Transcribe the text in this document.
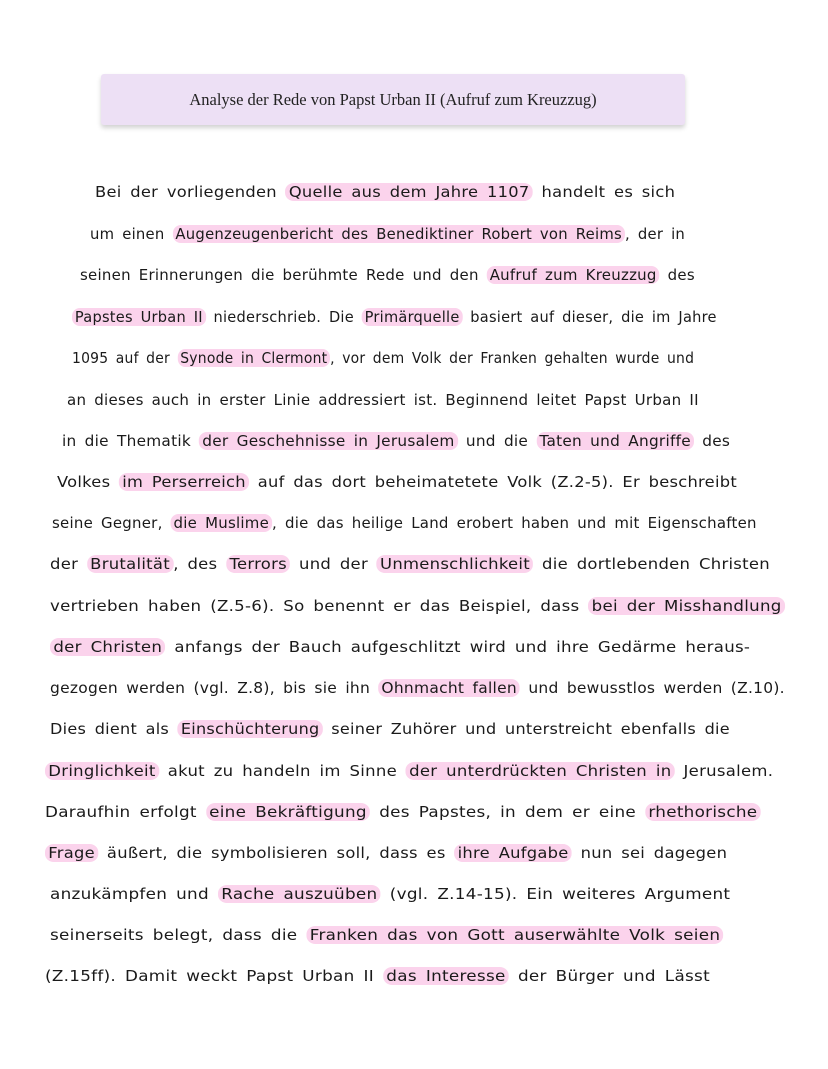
Analyse der Rede von Papst Urban II (Aufruf zum Kreuzzug)
Bei der vorliegenden Quelle aus dem Jahre 1107 handelt es sich
um einen Augenzeugenbericht des Benediktiner Robert von Reims , der in
seinen Erinnerungen die berühmte Rede und den Aufruf zum Kreuzzug des
Papstes Urban II niederschrieb. Die Primärquelle basiert auf dieser, die im Jahre
1095 auf der Synode in Clermont , vor dem Volk der Franken gehalten wurde und
an dieses auch in erster Linie addressiert ist. Beginnend leitet Papst Urban II
in die Thematik der Geschehnisse in Jerusalem und die Taten und Angriffe des
Volkes im Perserreich auf das dort beheimatetete Volk (Z.2-5). Er beschreibt
seine Gegner, die Muslime , die das heilige Land erobert haben und mit Eigenschaften
der Brutalität , des Terrors und der Unmenschlichkeit die dortlebenden Christen
vertrieben haben (Z.5-6). So benennt er das Beispiel, dass bei der Misshandlung
der Christen anfangs der Bauch aufgeschlitzt wird und ihre Gedärme heraus-
gezogen werden (vgl. Z.8), bis sie ihn Ohnmacht fallen und bewusstlos werden (Z.10).
Dies dient als Einschüchterung seiner Zuhörer und unterstreicht ebenfalls die
Dringlichkeit akut zu handeln im Sinne der unterdrückten Christen in Jerusalem.
Daraufhin erfolgt eine Bekräftigung des Papstes, in dem er eine rhethorische
Frage äußert, die symbolisieren soll, dass es ihre Aufgabe nun sei dagegen
anzukämpfen und Rache auszuüben (vgl. Z.14-15). Ein weiteres Argument
seinerseits belegt, dass die Franken das von Gott auserwählte Volk seien
(Z.15ff). Damit weckt Papst Urban II das Interesse der Bürger und Lässt
